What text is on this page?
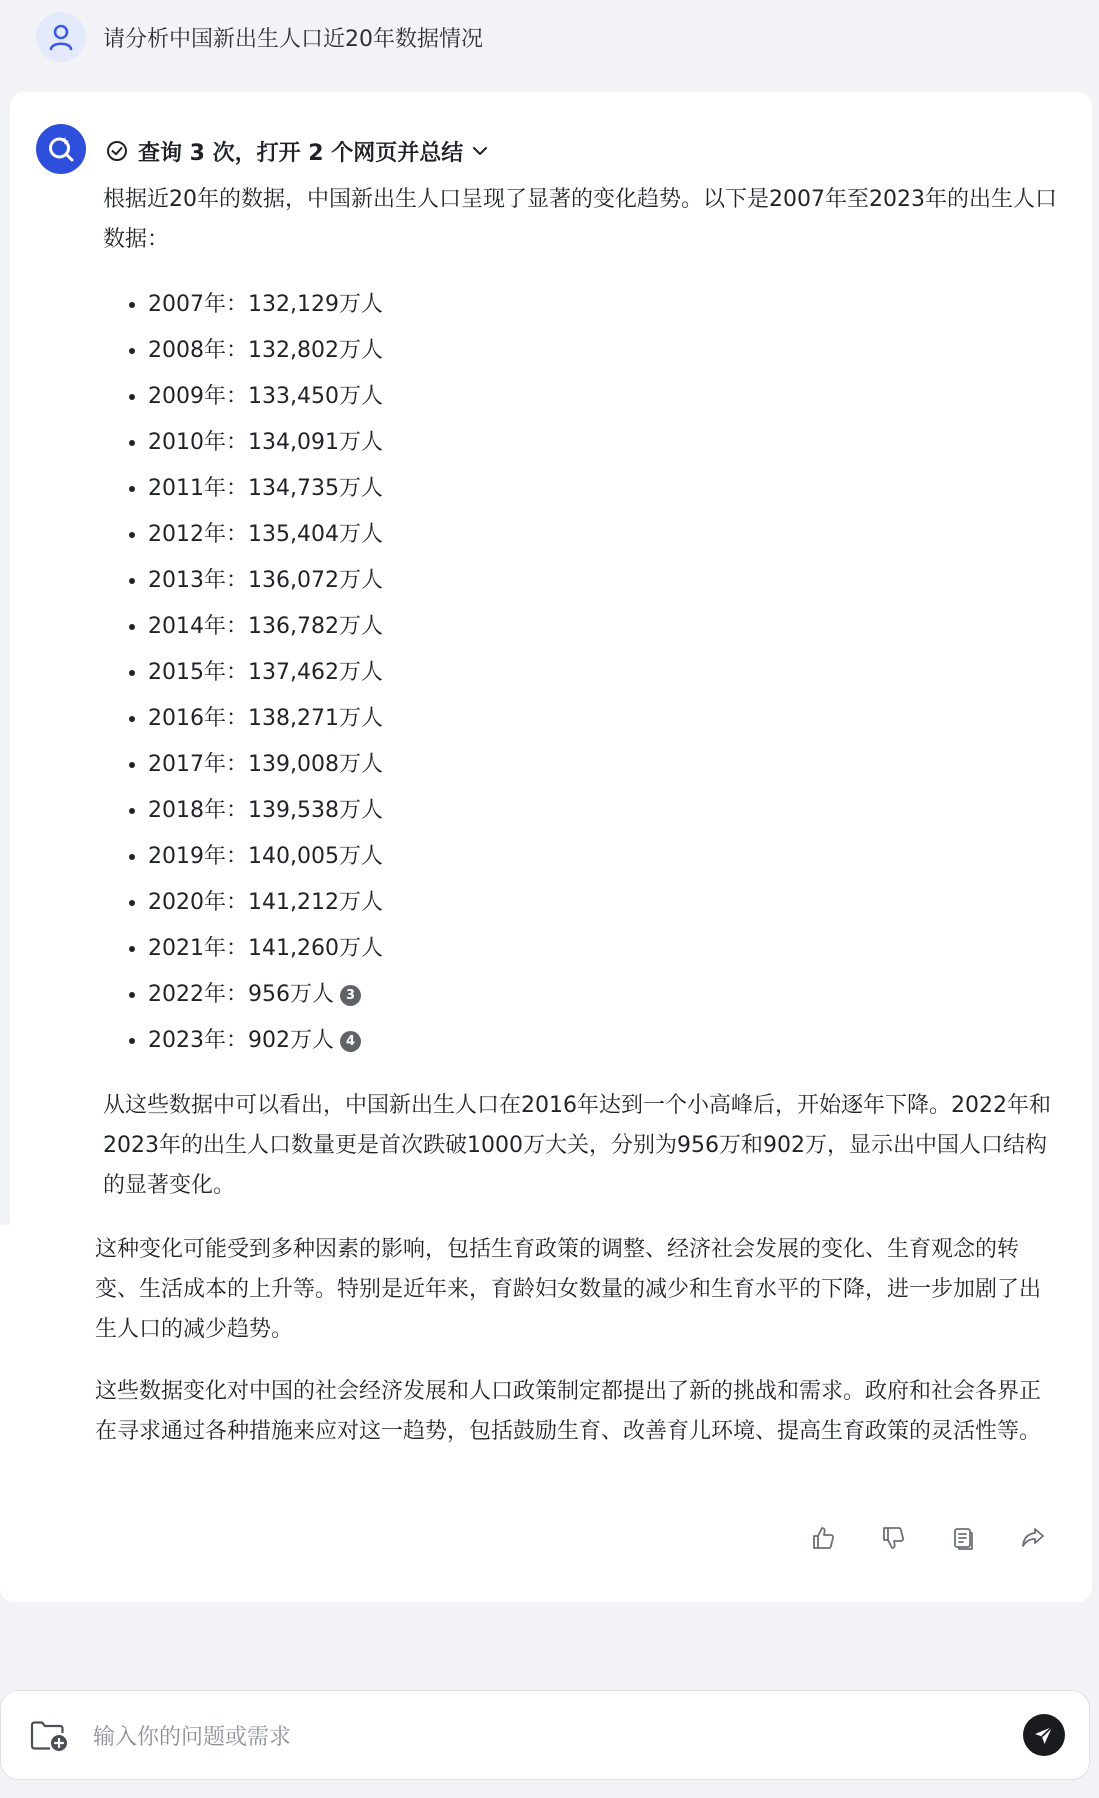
请分析中国新出生人口近20年数据情况
查询 3 次，打开 2 个网页并总结

根据近20年的数据，中国新出生人口呈现了显著的变化趋势。以下是2007年至2023年的出生人口数据：

• 2007年：132,129万人
• 2008年：132,802万人
• 2009年：133,450万人
• 2010年：134,091万人
• 2011年：134,735万人
• 2012年：135,404万人
• 2013年：136,072万人
• 2014年：136,782万人
• 2015年：137,462万人
• 2016年：138,271万人
• 2017年：139,008万人
• 2018年：139,538万人
• 2019年：140,005万人
• 2020年：141,212万人
• 2021年：141,260万人
• 2022年：956万人 3
• 2023年：902万人 4

从这些数据中可以看出，中国新出生人口在2016年达到一个小高峰后，开始逐年下降。2022年和2023年的出生人口数量更是首次跌破1000万大关，分别为956万和902万，显示出中国人口结构的显著变化。

这种变化可能受到多种因素的影响，包括生育政策的调整、经济社会发展的变化、生育观念的转变、生活成本的上升等。特别是近年来，育龄妇女数量的减少和生育水平的下降，进一步加剧了出生人口的减少趋势。

这些数据变化对中国的社会经济发展和人口政策制定都提出了新的挑战和需求。政府和社会各界正在寻求通过各种措施来应对这一趋势，包括鼓励生育、改善育儿环境、提高生育政策的灵活性等。

输入你的问题或需求
